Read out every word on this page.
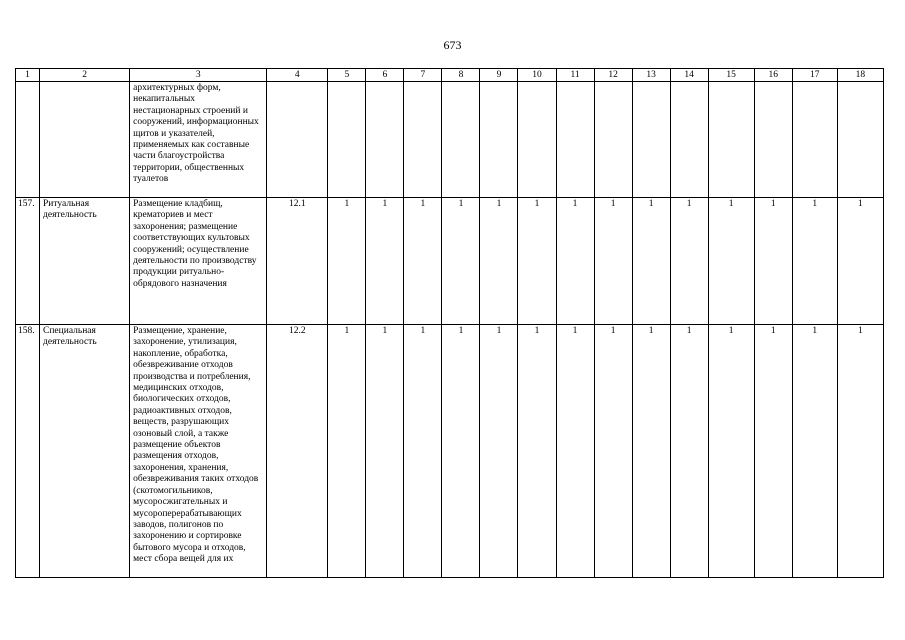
673
1	2	3	4	5	6	7	8	9	10	11	12	13	14	15	16	17	18
		архитектурных форм, некапитальных нестационарных строений и сооружений, информационных щитов и указателей, применяемых как составные части благоустройства территории, общественных туалетов															
157.	Ритуальная деятельность	Размещение кладбищ, крематориев и мест захоронения; размещение соответствующих культовых сооружений; осуществление деятельности по производству продукции ритуально-обрядового назначения	12.1	1	1	1	1	1	1	1	1	1	1	1	1	1	1
158.	Специальная деятельность	Размещение, хранение, захоронение, утилизация, накопление, обработка, обезвреживание отходов производства и потребления, медицинских отходов, биологических отходов, радиоактивных отходов, веществ, разрушающих озоновый слой, а также размещение объектов размещения отходов, захоронения, хранения, обезвреживания таких отходов (скотомогильников, мусоросжигательных и мусороперерабатывающих заводов, полигонов по захоронению и сортировке бытового мусора и отходов, мест сбора вещей для их	12.2	1	1	1	1	1	1	1	1	1	1	1	1	1	1
